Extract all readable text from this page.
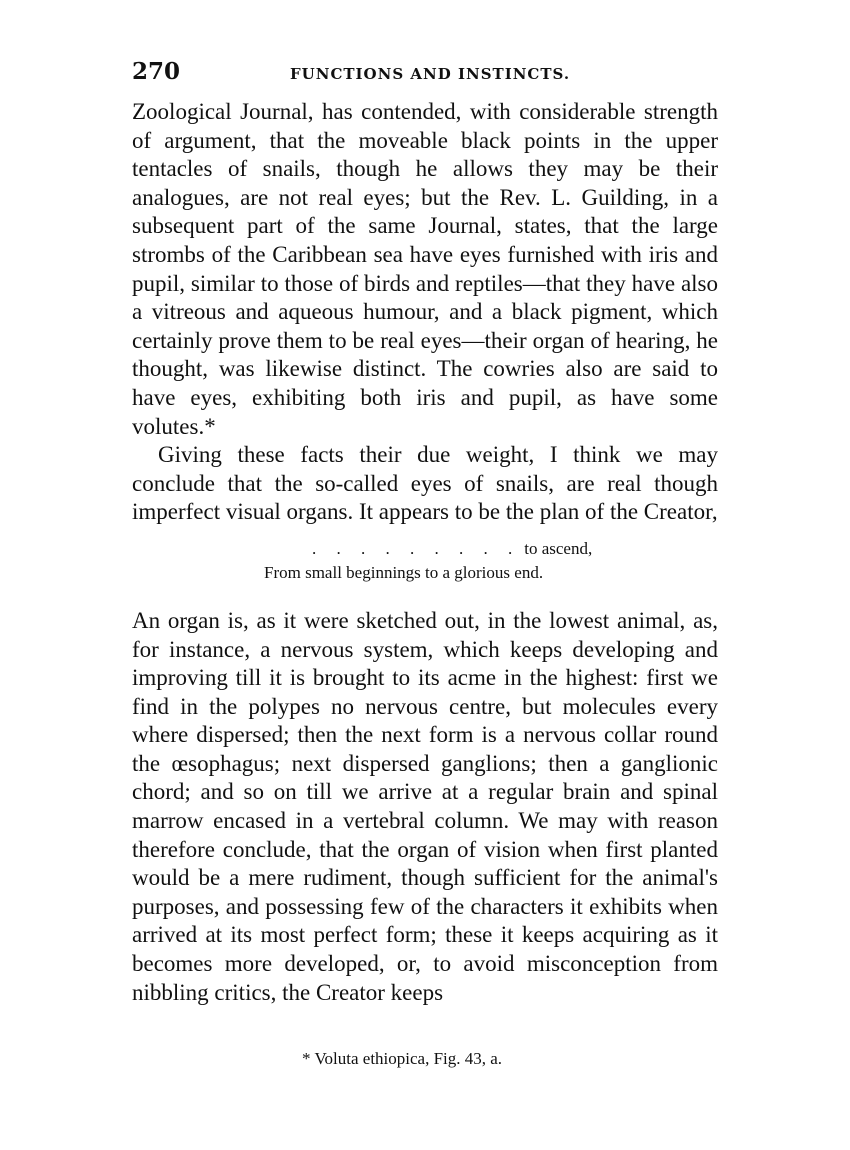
270	FUNCTIONS AND INSTINCTS.

Zoological Journal, has contended, with considerable strength of argument, that the moveable black points in the upper tentacles of snails, though he allows they may be their analogues, are not real eyes; but the Rev. L. Guilding, in a subsequent part of the same Journal, states, that the large strombs of the Caribbean sea have eyes furnished with iris and pupil, similar to those of birds and reptiles—that they have also a vitreous and aqueous humour, and a black pigment, which certainly prove them to be real eyes—their organ of hearing, he thought, was likewise distinct. The cowries also are said to have eyes, exhibiting both iris and pupil, as have some volutes.*

Giving these facts their due weight, I think we may conclude that the so-called eyes of snails, are real though imperfect visual organs. It appears to be the plan of the Creator,

. . . . . . . . . to ascend,
From small beginnings to a glorious end.

An organ is, as it were sketched out, in the lowest animal, as, for instance, a nervous system, which keeps developing and improving till it is brought to its acme in the highest: first we find in the polypes no nervous centre, but molecules every where dispersed; then the next form is a nervous collar round the œsophagus; next dispersed ganglions; then a ganglionic chord; and so on till we arrive at a regular brain and spinal marrow encased in a vertebral column. We may with reason therefore conclude, that the organ of vision when first planted would be a mere rudiment, though sufficient for the animal's purposes, and possessing few of the characters it exhibits when arrived at its most perfect form; these it keeps acquiring as it becomes more developed, or, to avoid misconception from nibbling critics, the Creator keeps

* Voluta ethiopica, Fig. 43, a.
